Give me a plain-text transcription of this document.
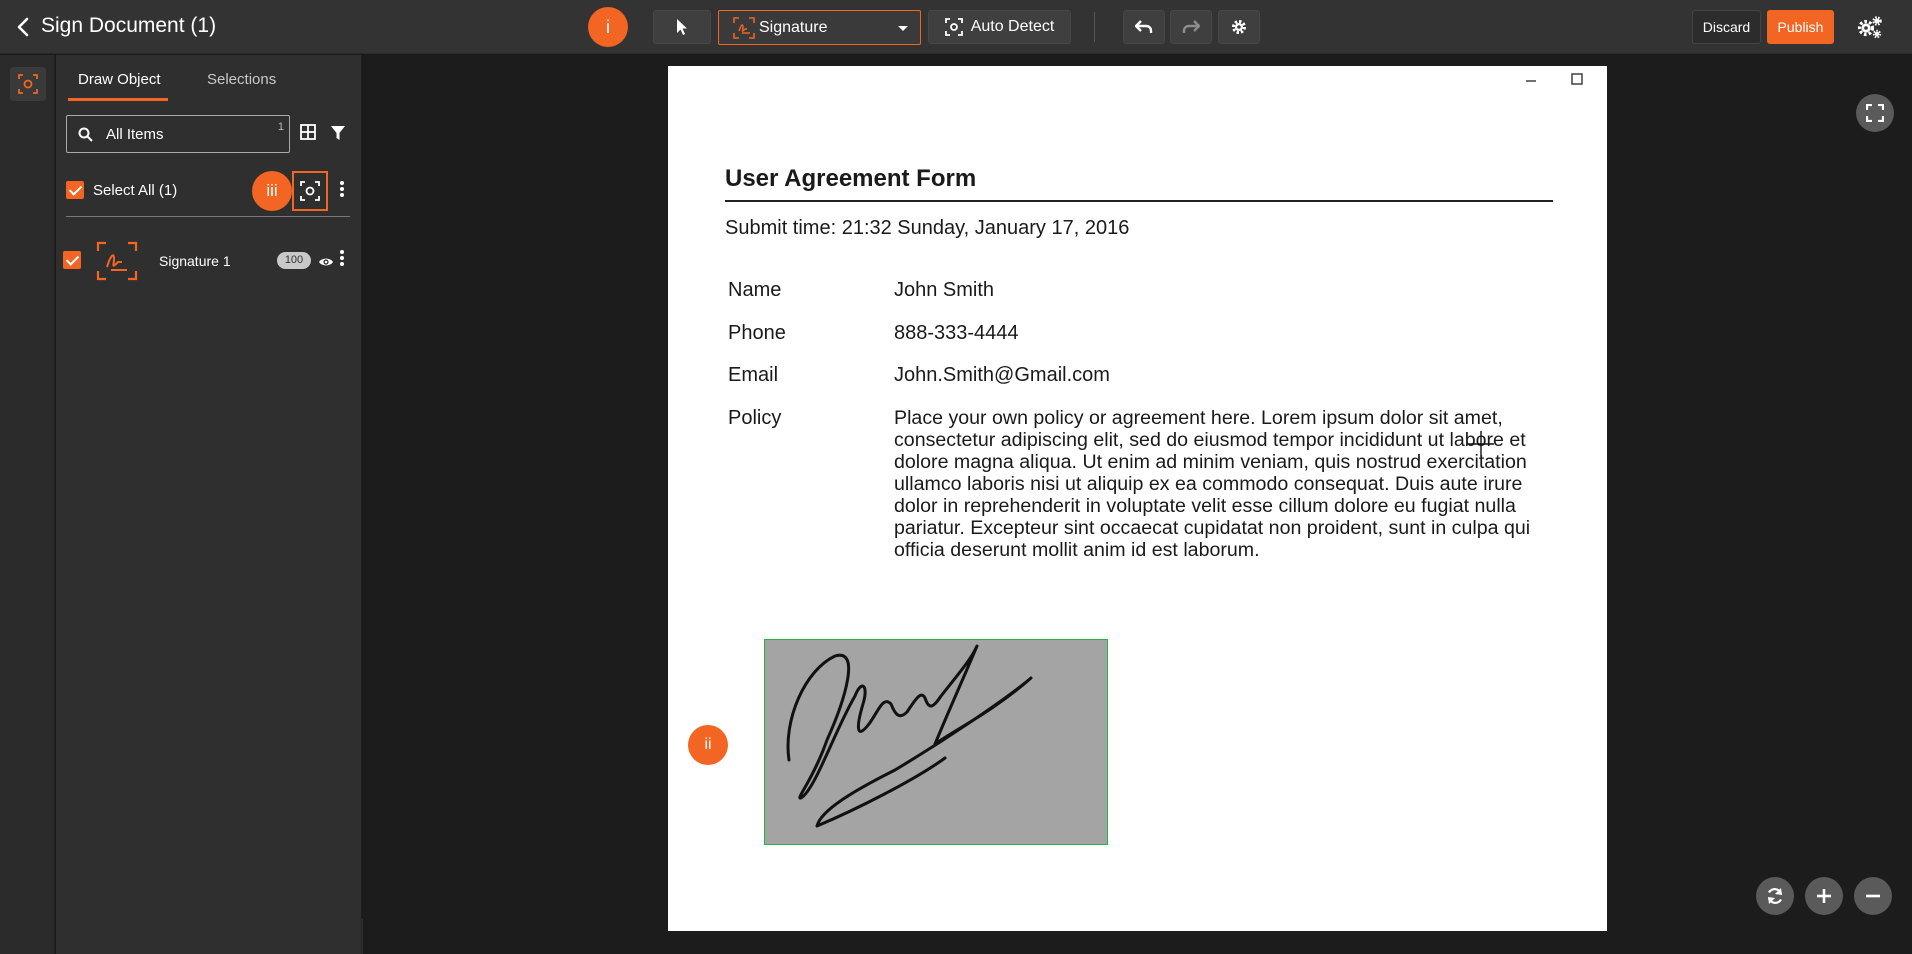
Sign Document (1)	i	Signature	Auto Detect	Discard	Publish
Draw Object	Selections
All Items	1
Select All (1)	iii
Signature 1	100
User Agreement Form
Submit time: 21:32 Sunday, January 17, 2016
Name	John Smith
Phone	888-333-4444
Email	John.Smith@Gmail.com
Policy	Place your own policy or agreement here. Lorem ipsum dolor sit amet, consectetur adipiscing elit, sed do eiusmod tempor incididunt ut labore et dolore magna aliqua. Ut enim ad minim veniam, quis nostrud exercitation ullamco laboris nisi ut aliquip ex ea commodo consequat. Duis aute irure dolor in reprehenderit in voluptate velit esse cillum dolore eu fugiat nulla pariatur. Excepteur sint occaecat cupidatat non proident, sunt in culpa qui officia deserunt mollit anim id est laborum.
ii
